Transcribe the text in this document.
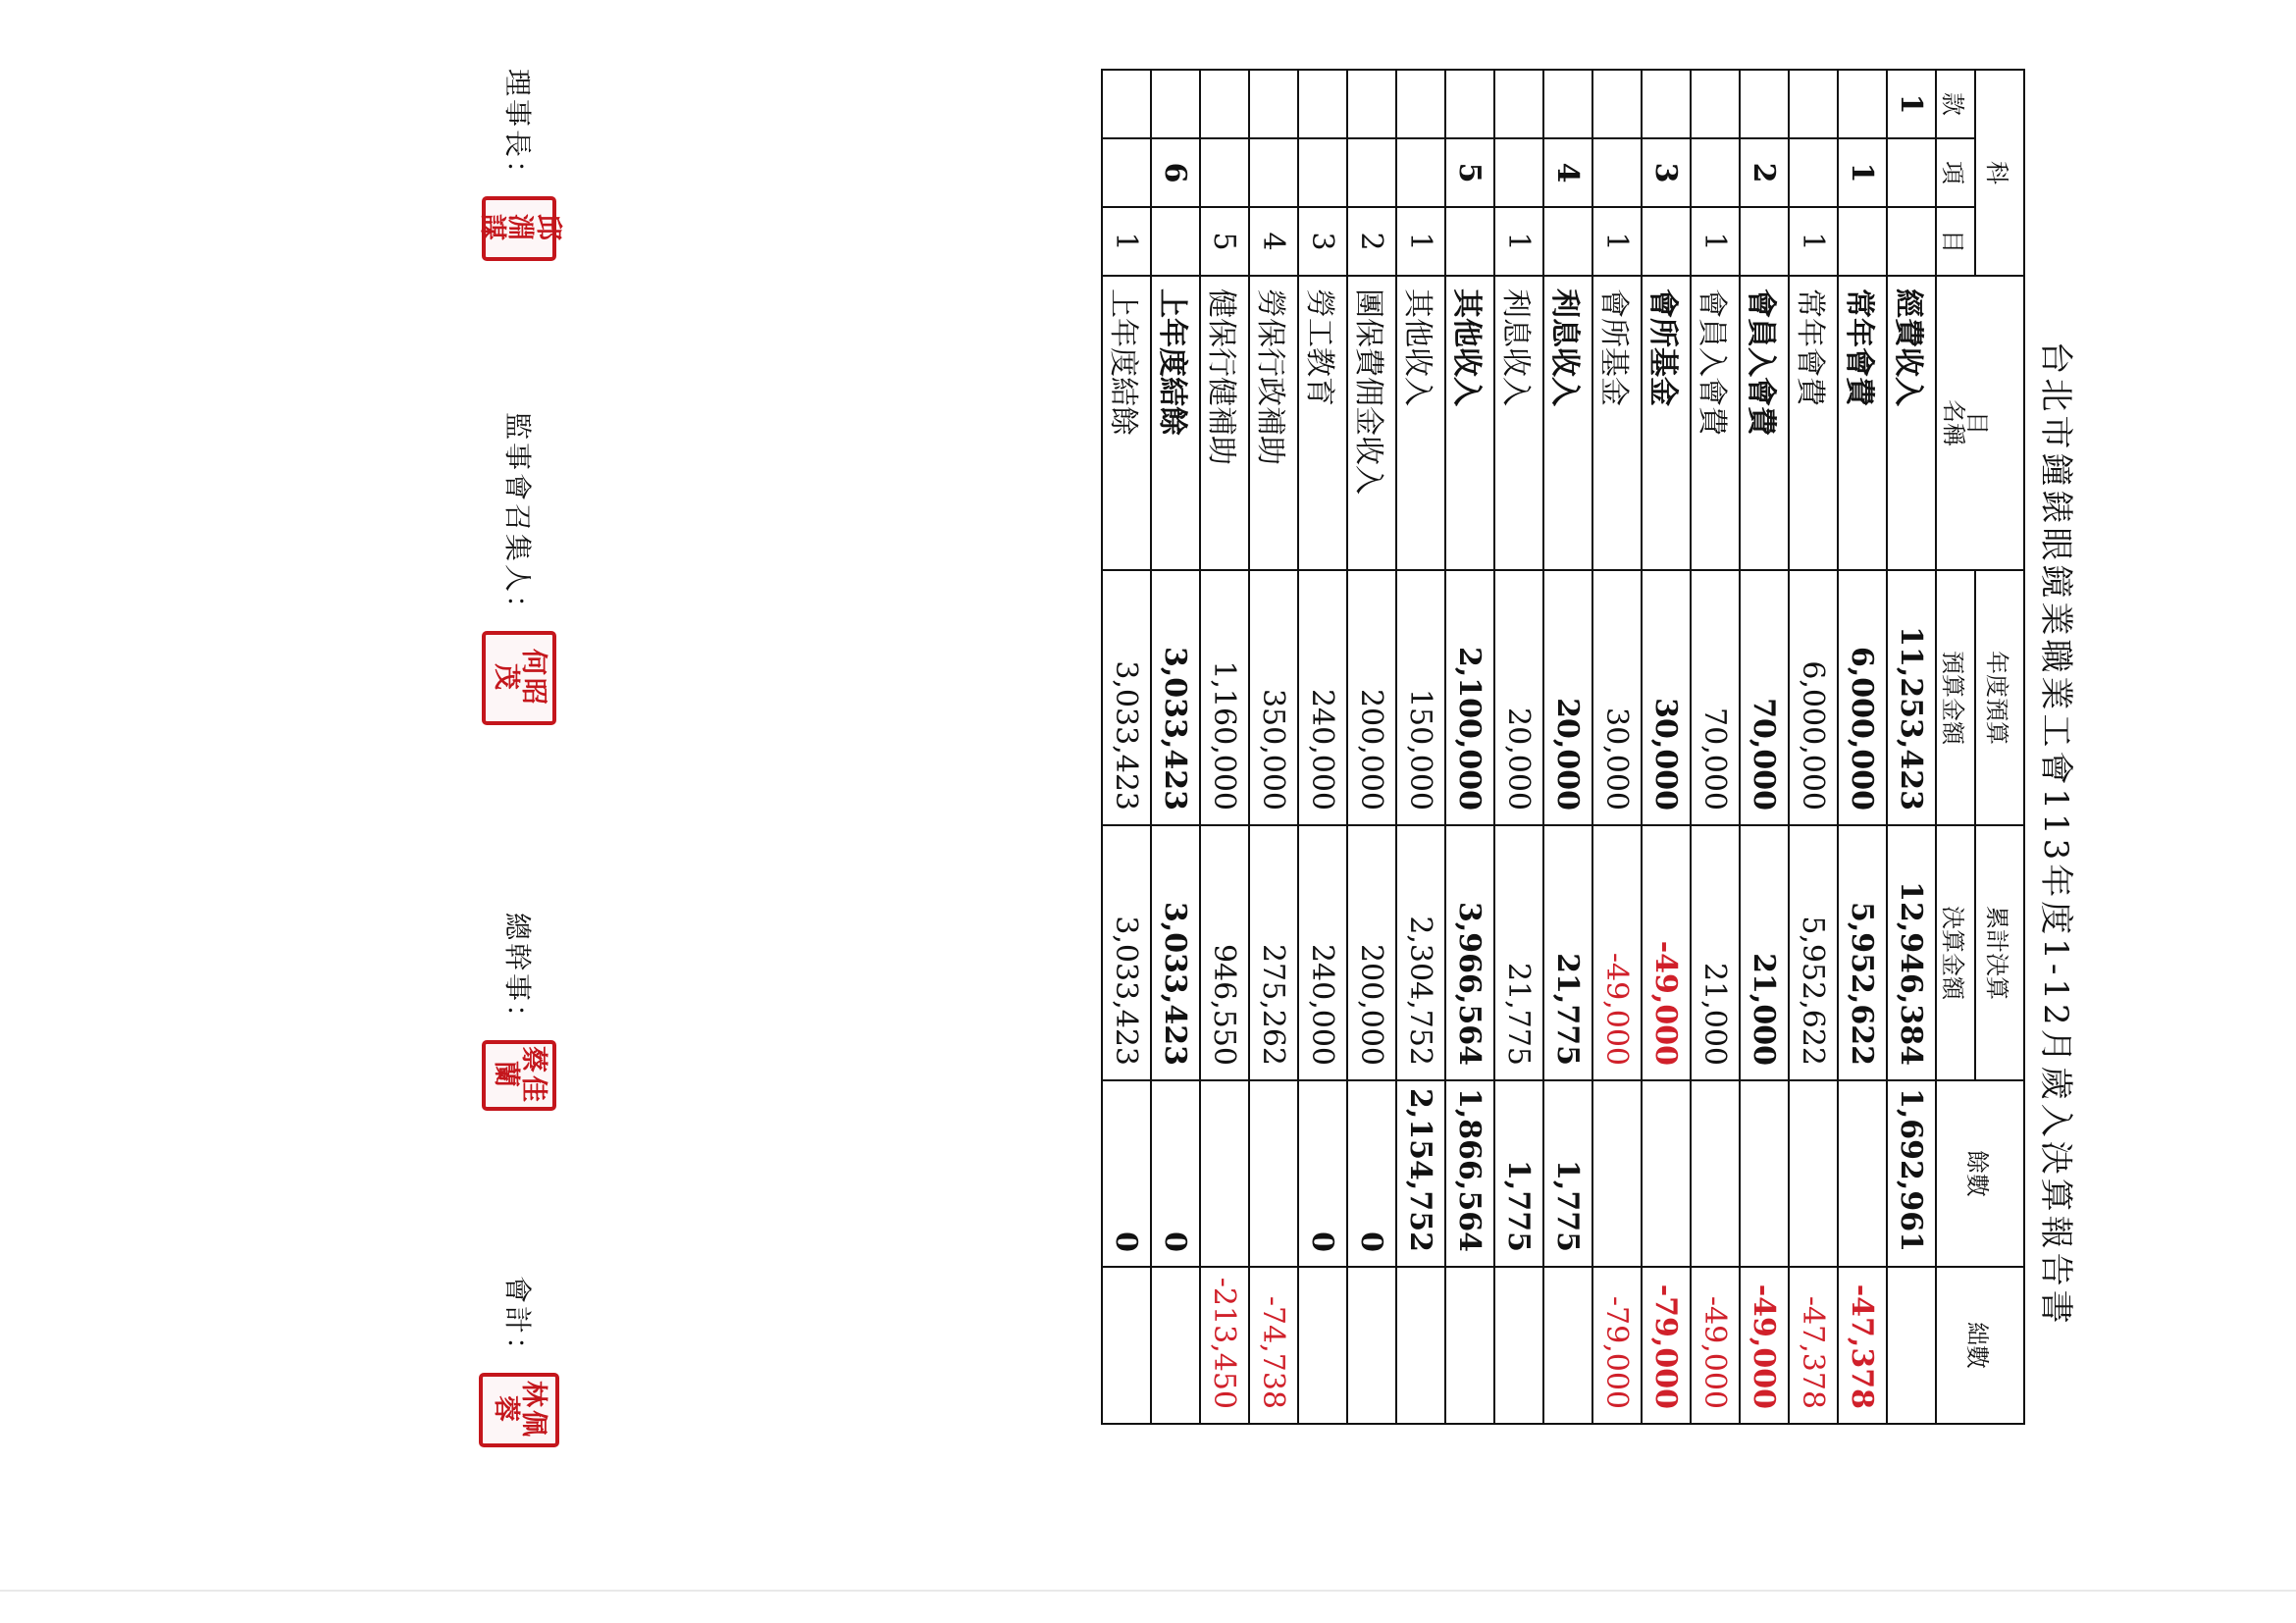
台北市鐘錶眼鏡業職業工會113年度1-12月歲入決算報告書
科
目
款
項
目
年度預算
預算金額
累計決算
決算金額
餘數
絀數
名稱
1
經費收入
11,253,423
12,946,384
1,692,961
1
常年會費
6,000,000
5,952,622
-47,378
1
常年會費
6,000,000
5,952,622
-47,378
2
會員入會費
70,000
21,000
-49,000
1
會員入會費
70,000
21,000
-49,000
3
會所基金
30,000
-49,000
-79,000
1
會所基金
30,000
-49,000
-79,000
4
利息收入
20,000
21,775
1,775
1
利息收入
20,000
21,775
1,775
5
其他收入
2,100,000
3,966,564
1,866,564
1
其他收入
150,000
2,304,752
2,154,752
2
團保費佣金收入
200,000
200,000
0
3
勞工教育
240,000
240,000
0
4
勞保行政補助
350,000
275,262
-74,738
5
健保行健補助
1,160,000
946,550
-213,450
6
上年度結餘
3,033,423
3,033,423
0
1
上年度結餘
3,033,423
3,033,423
0
理事長：
邱淵謀
監事會召集人：
何昭茂
總幹事：
蔡佳蘭
會計：
林佩蓉
